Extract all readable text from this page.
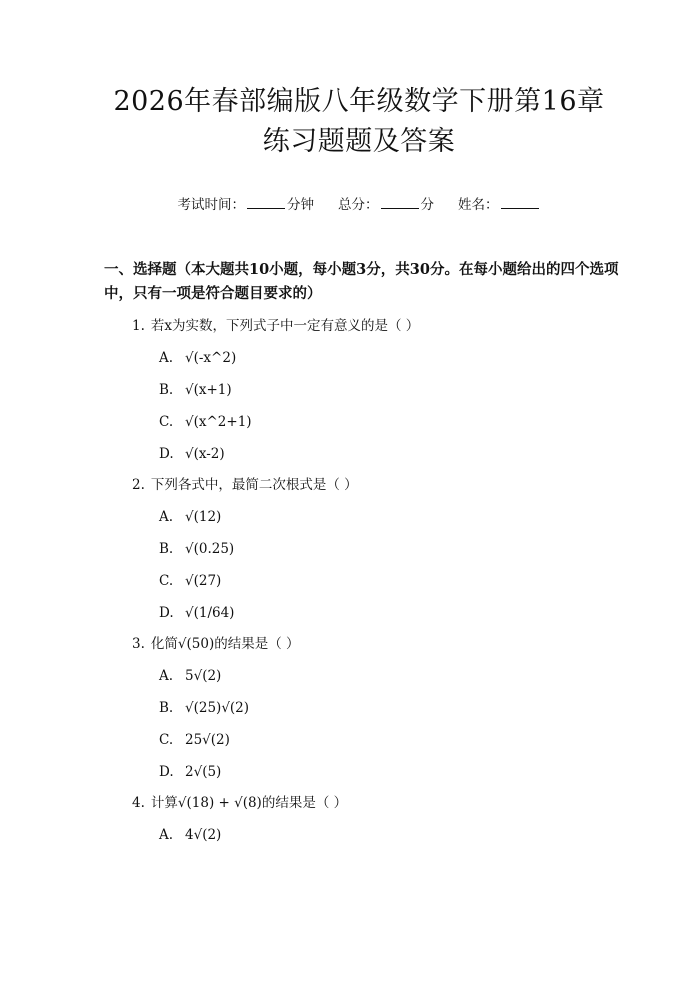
2026年春部编版八年级数学下册第16章练习题题及答案
考试时间：	分钟 总分：	分 姓名：
一、选择题（本大题共10小题，每小题3分，共30分。在每小题给出的四个选项中，只有一项是符合题目要求的）
1. 若x为实数，下列式子中一定有意义的是（ ）
A. √(-x^2)
B. √(x+1)
C. √(x^2+1)
D. √(x-2)
2. 下列各式中，最简二次根式是（ ）
A. √(12)
B. √(0.25)
C. √(27)
D. √(1/64)
3. 化简√(50)的结果是（ ）
A. 5√(2)
B. √(25)√(2)
C. 25√(2)
D. 2√(5)
4. 计算√(18) + √(8)的结果是（ ）
A. 4√(2)
